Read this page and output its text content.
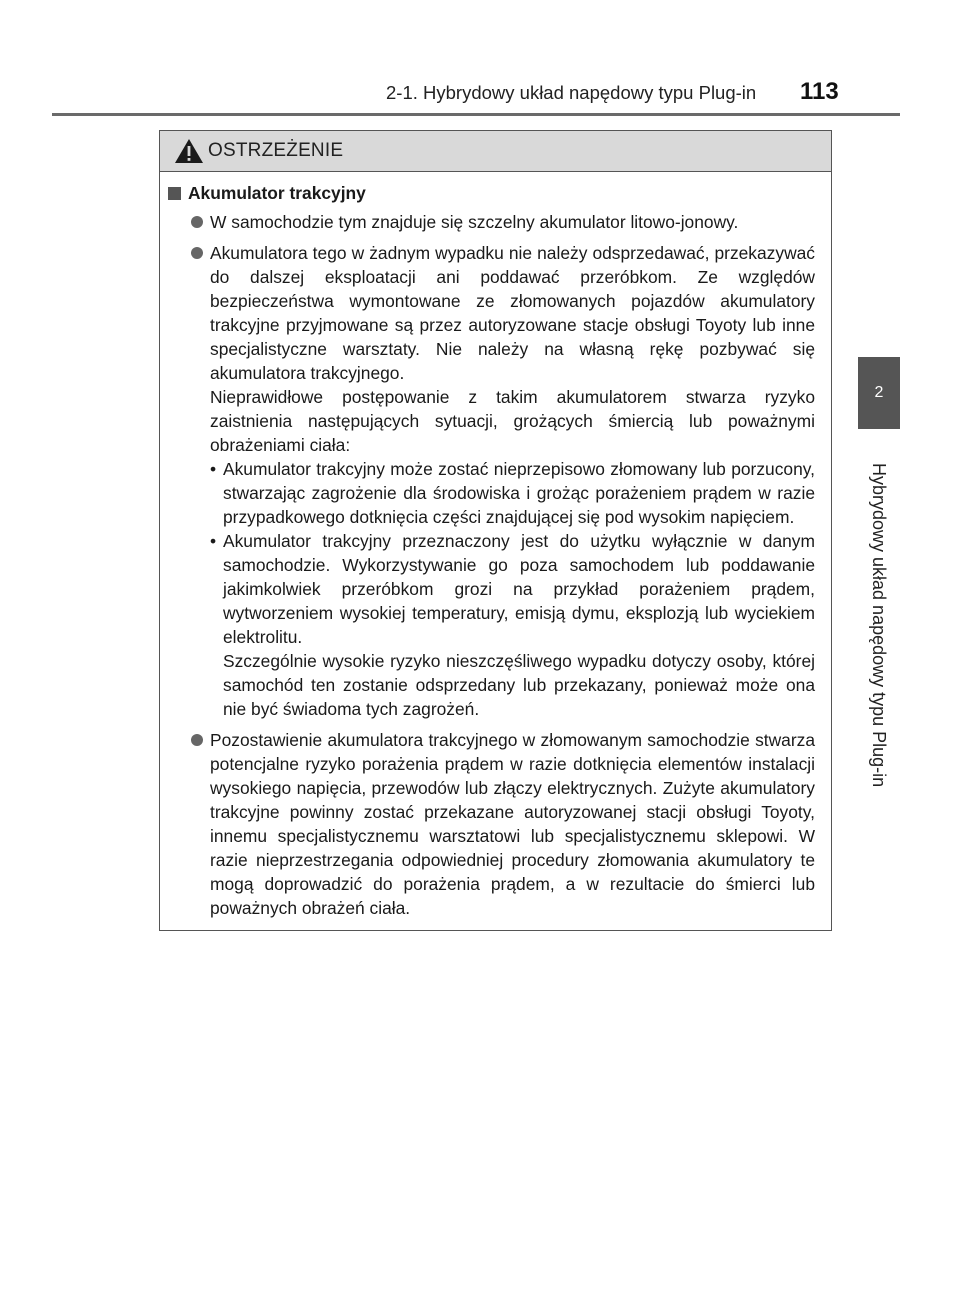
2-1. Hybrydowy układ napędowy typu Plug-in 113
2
Hybrydowy układ napędowy typu Plug-in
OSTRZEŻENIE
Akumulator trakcyjny
W samochodzie tym znajduje się szczelny akumulator litowo-jonowy.
Akumulatora tego w żadnym wypadku nie należy odsprzedawać, przekazywać do dalszej eksploatacji ani poddawać przeróbkom. Ze względów bezpieczeństwa wymontowane ze złomowanych pojazdów akumulatory trakcyjne przyjmowane są przez autoryzowane stacje obsługi Toyoty lub inne specjalistyczne warsztaty. Nie należy na własną rękę pozbywać się akumulatora trakcyjnego.
Nieprawidłowe postępowanie z takim akumulatorem stwarza ryzyko zaistnienia następujących sytuacji, grożących śmiercią lub poważnymi obrażeniami ciała:
• Akumulator trakcyjny może zostać nieprzepisowo złomowany lub porzucony, stwarzając zagrożenie dla środowiska i grożąc porażeniem prądem w razie przypadkowego dotknięcia części znajdującej się pod wysokim napięciem.
• Akumulator trakcyjny przeznaczony jest do użytku wyłącznie w danym samochodzie. Wykorzystywanie go poza samochodem lub poddawanie jakimkolwiek przeróbkom grozi na przykład porażeniem prądem, wytworzeniem wysokiej temperatury, emisją dymu, eksplozją lub wyciekiem elektrolitu.
Szczególnie wysokie ryzyko nieszczęśliwego wypadku dotyczy osoby, której samochód ten zostanie odsprzedany lub przekazany, ponieważ może ona nie być świadoma tych zagrożeń.
Pozostawienie akumulatora trakcyjnego w złomowanym samochodzie stwarza potencjalne ryzyko porażenia prądem w razie dotknięcia elementów instalacji wysokiego napięcia, przewodów lub złączy elektrycznych. Zużyte akumulatory trakcyjne powinny zostać przekazane autoryzowanej stacji obsługi Toyoty, innemu specjalistycznemu warsztatowi lub specjalistycznemu sklepowi. W razie nieprzestrzegania odpowiedniej procedury złomowania akumulatory te mogą doprowadzić do porażenia prądem, a w rezultacie do śmierci lub poważnych obrażeń ciała.
